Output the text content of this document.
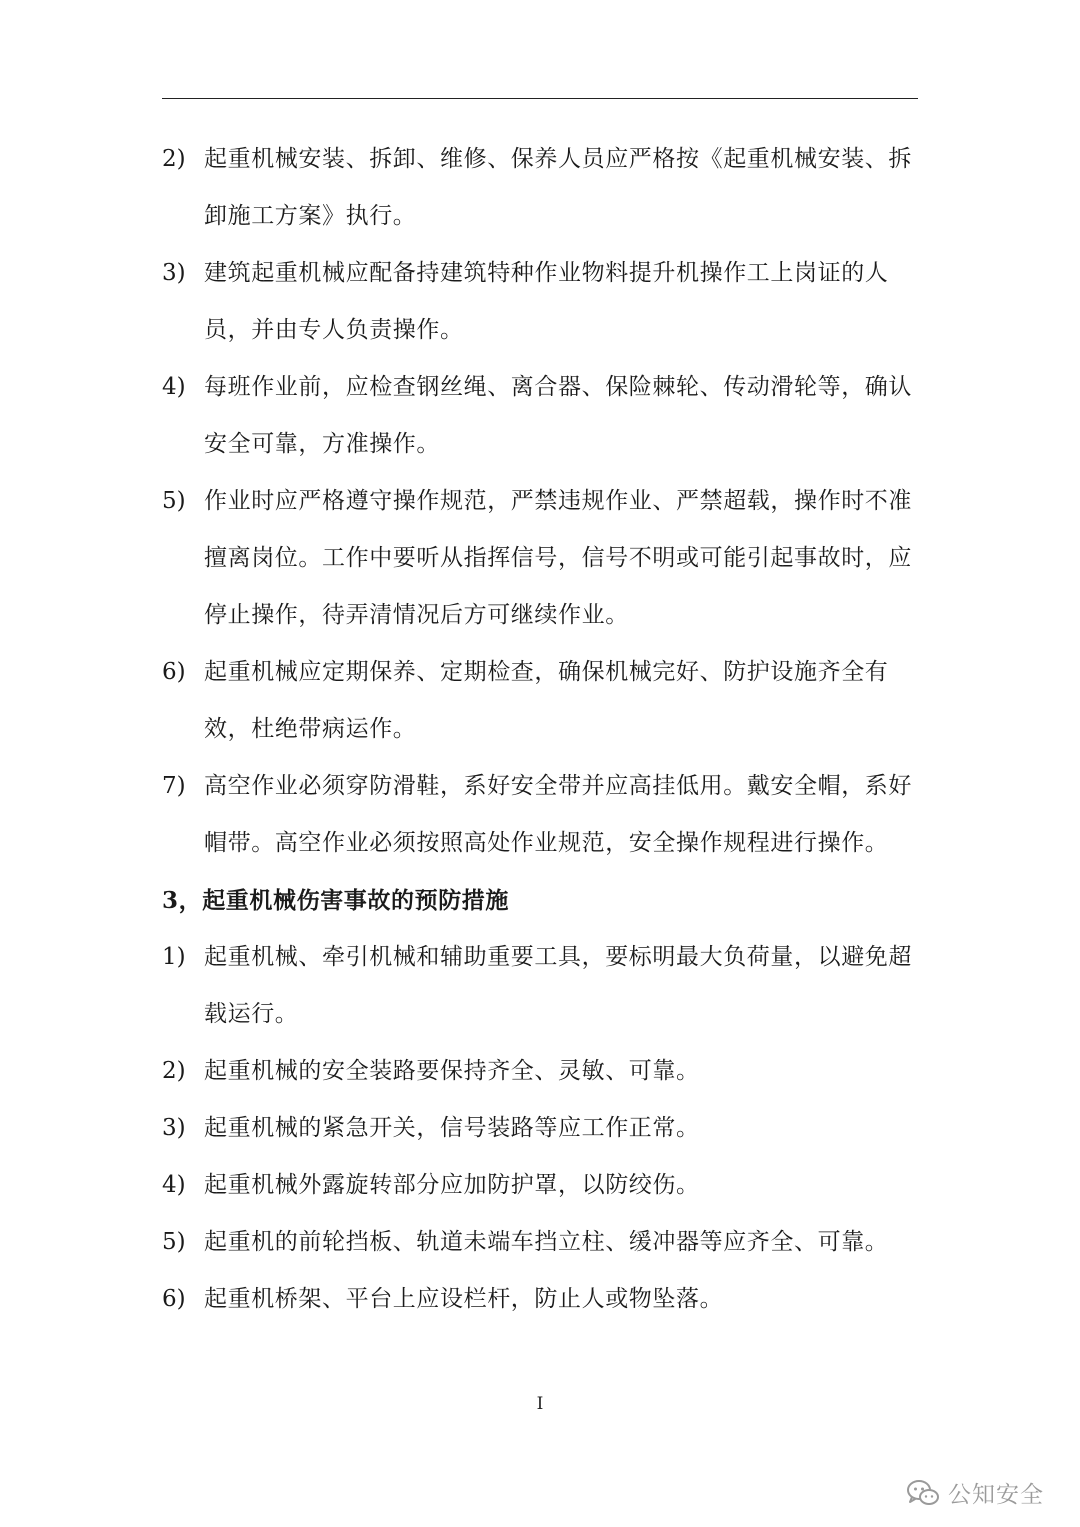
2) 起重机械安装、拆卸、维修、保养人员应严格按《起重机械安装、拆卸施工方案》执行。
3) 建筑起重机械应配备持建筑特种作业物料提升机操作工上岗证的人员，并由专人负责操作。
4) 每班作业前，应检查钢丝绳、离合器、保险棘轮、传动滑轮等，确认安全可靠，方准操作。
5) 作业时应严格遵守操作规范，严禁违规作业、严禁超载，操作时不准擅离岗位。工作中要听从指挥信号，信号不明或可能引起事故时，应停止操作，待弄清情况后方可继续作业。
6) 起重机械应定期保养、定期检查，确保机械完好、防护设施齐全有效，杜绝带病运作。
7) 高空作业必须穿防滑鞋，系好安全带并应高挂低用。戴安全帽，系好帽带。高空作业必须按照高处作业规范，安全操作规程进行操作。
3，起重机械伤害事故的预防措施
1) 起重机械、牵引机械和辅助重要工具，要标明最大负荷量，以避免超载运行。
2) 起重机械的安全装路要保持齐全、灵敏、可靠。
3) 起重机械的紧急开关，信号装路等应工作正常。
4) 起重机械外露旋转部分应加防护罩，以防绞伤。
5) 起重机的前轮挡板、轨道未端车挡立柱、缓冲器等应齐全、可靠。
6) 起重机桥架、平台上应设栏杆，防止人或物坠落。
I
公知安全
